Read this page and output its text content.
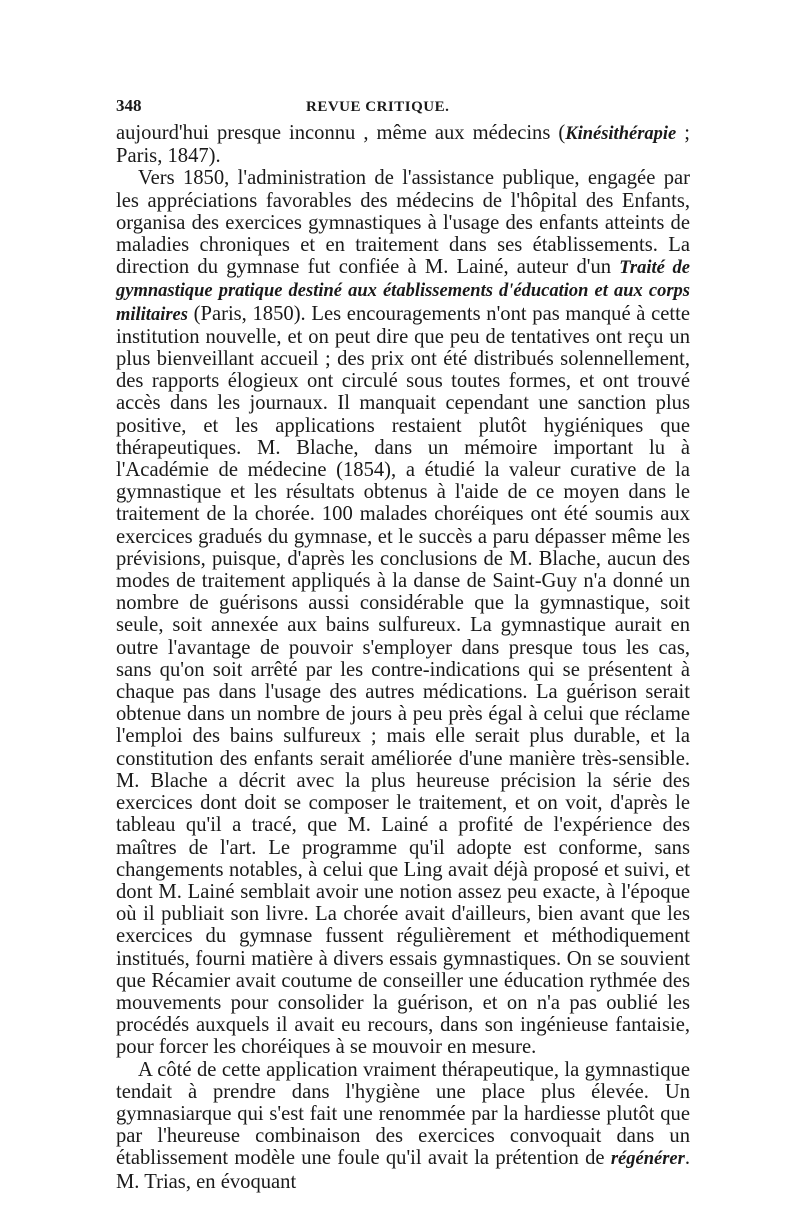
348	REVUE CRITIQUE.

aujourd'hui presque inconnu , même aux médecins (Kinésithérapie ; Paris, 1847).

Vers 1850, l'administration de l'assistance publique, engagée par les appréciations favorables des médecins de l'hôpital des Enfants, organisa des exercices gymnastiques à l'usage des enfants atteints de maladies chroniques et en traitement dans ses établissements. La direction du gymnase fut confiée à M. Lainé, auteur d'un Traité de gymnastique pratique destiné aux établissements d'éducation et aux corps militaires (Paris, 1850). Les encouragements n'ont pas manqué à cette institution nouvelle, et on peut dire que peu de tentatives ont reçu un plus bienveillant accueil ; des prix ont été distribués solennellement, des rapports élogieux ont circulé sous toutes formes, et ont trouvé accès dans les journaux. Il manquait cependant une sanction plus positive, et les applications restaient plutôt hygiéniques que thérapeutiques. M. Blache, dans un mémoire important lu à l'Académie de médecine (1854), a étudié la valeur curative de la gymnastique et les résultats obtenus à l'aide de ce moyen dans le traitement de la chorée. 100 malades choréiques ont été soumis aux exercices gradués du gymnase, et le succès a paru dépasser même les prévisions, puisque, d'après les conclusions de M. Blache, aucun des modes de traitement appliqués à la danse de Saint-Guy n'a donné un nombre de guérisons aussi considérable que la gymnastique, soit seule, soit annexée aux bains sulfureux. La gymnastique aurait en outre l'avantage de pouvoir s'employer dans presque tous les cas, sans qu'on soit arrêté par les contre-indications qui se présentent à chaque pas dans l'usage des autres médications. La guérison serait obtenue dans un nombre de jours à peu près égal à celui que réclame l'emploi des bains sulfureux ; mais elle serait plus durable, et la constitution des enfants serait améliorée d'une manière très-sensible. M. Blache a décrit avec la plus heureuse précision la série des exercices dont doit se composer le traitement, et on voit, d'après le tableau qu'il a tracé, que M. Lainé a profité de l'expérience des maîtres de l'art. Le programme qu'il adopte est conforme, sans changements notables, à celui que Ling avait déjà proposé et suivi, et dont M. Lainé semblait avoir une notion assez peu exacte, à l'époque où il publiait son livre. La chorée avait d'ailleurs, bien avant que les exercices du gymnase fussent régulièrement et méthodiquement institués, fourni matière à divers essais gymnastiques. On se souvient que Récamier avait coutume de conseiller une éducation rythmée des mouvements pour consolider la guérison, et on n'a pas oublié les procédés auxquels il avait eu recours, dans son ingénieuse fantaisie, pour forcer les choréiques à se mouvoir en mesure.

A côté de cette application vraiment thérapeutique, la gymnastique tendait à prendre dans l'hygiène une place plus élevée. Un gymnasiarque qui s'est fait une renommée par la hardiesse plutôt que par l'heureuse combinaison des exercices convoquait dans un établissement modèle une foule qu'il avait la prétention de régénérer. M. Trias, en évoquant
